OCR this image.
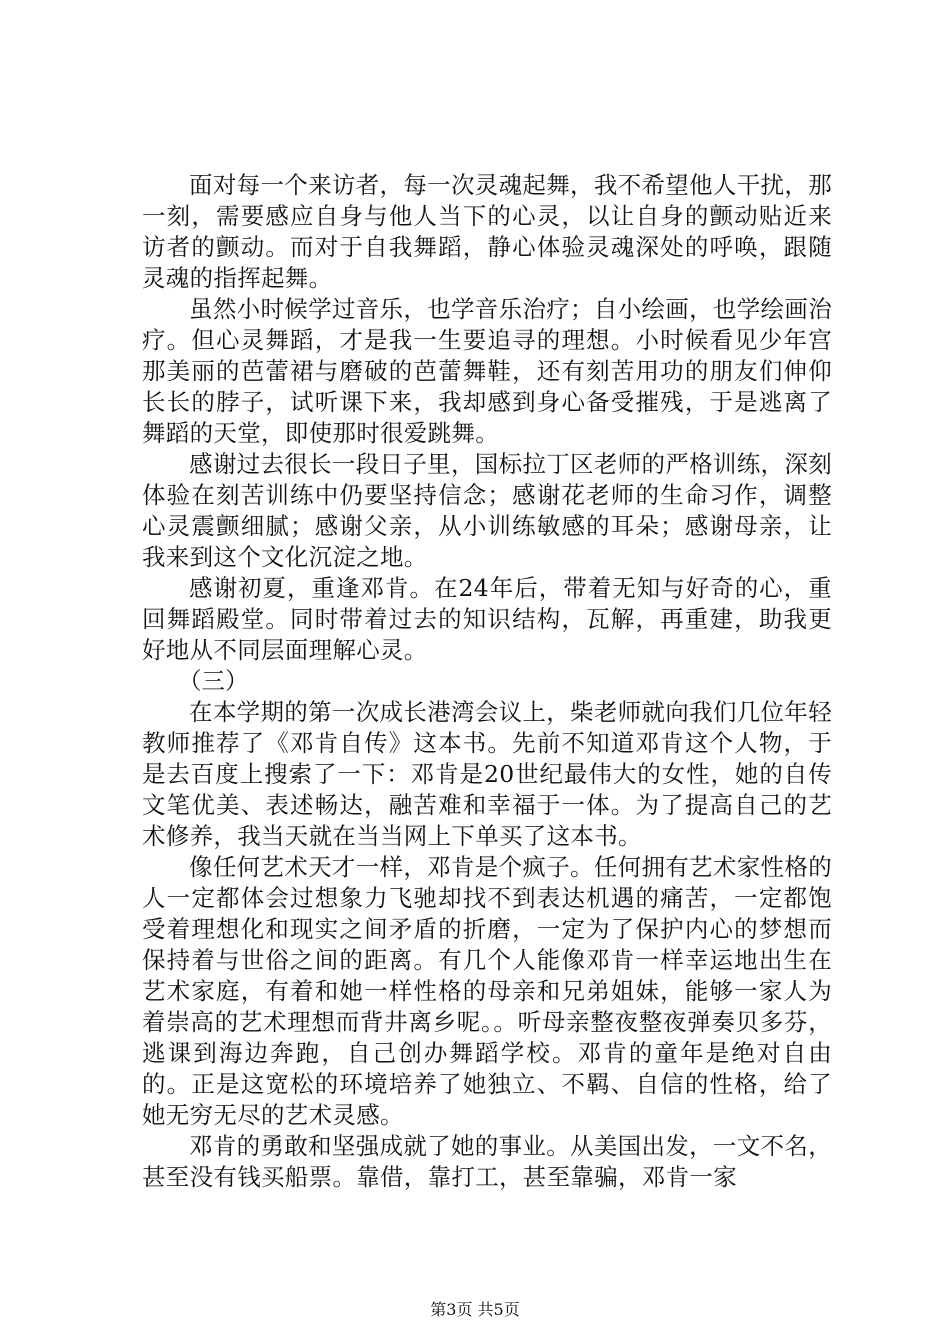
面对每一个来访者，每一次灵魂起舞，我不希望他人干扰，那一刻，需要感应自身与他人当下的心灵，以让自身的颤动贴近来访者的颤动。而对于自我舞蹈，静心体验灵魂深处的呼唤，跟随灵魂的指挥起舞。

虽然小时候学过音乐，也学音乐治疗；自小绘画，也学绘画治疗。但心灵舞蹈，才是我一生要追寻的理想。小时候看见少年宫那美丽的芭蕾裙与磨破的芭蕾舞鞋，还有刻苦用功的朋友们伸仰长长的脖子，试听课下来，我却感到身心备受摧残，于是逃离了舞蹈的天堂，即使那时很爱跳舞。

感谢过去很长一段日子里，国标拉丁区老师的严格训练，深刻体验在刻苦训练中仍要坚持信念；感谢花老师的生命习作，调整心灵震颤细腻；感谢父亲，从小训练敏感的耳朵；感谢母亲，让我来到这个文化沉淀之地。

感谢初夏，重逢邓肯。在24年后，带着无知与好奇的心，重回舞蹈殿堂。同时带着过去的知识结构，瓦解，再重建，助我更好地从不同层面理解心灵。

（三）

在本学期的第一次成长港湾会议上，柴老师就向我们几位年轻教师推荐了《邓肯自传》这本书。先前不知道邓肯这个人物，于是去百度上搜索了一下：邓肯是20世纪最伟大的女性，她的自传文笔优美、表述畅达，融苦难和幸福于一体。为了提高自己的艺术修养，我当天就在当当网上下单买了这本书。

像任何艺术天才一样，邓肯是个疯子。任何拥有艺术家性格的人一定都体会过想象力飞驰却找不到表达机遇的痛苦，一定都饱受着理想化和现实之间矛盾的折磨，一定为了保护内心的梦想而保持着与世俗之间的距离。有几个人能像邓肯一样幸运地出生在艺术家庭，有着和她一样性格的母亲和兄弟姐妹，能够一家人为着崇高的艺术理想而背井离乡呢。。听母亲整夜整夜弹奏贝多芬，逃课到海边奔跑，自己创办舞蹈学校。邓肯的童年是绝对自由的。正是这宽松的环境培养了她独立、不羁、自信的性格，给了她无穷无尽的艺术灵感。

邓肯的勇敢和坚强成就了她的事业。从美国出发，一文不名，甚至没有钱买船票。靠借，靠打工，甚至靠骗，邓肯一家

第3页 共5页
